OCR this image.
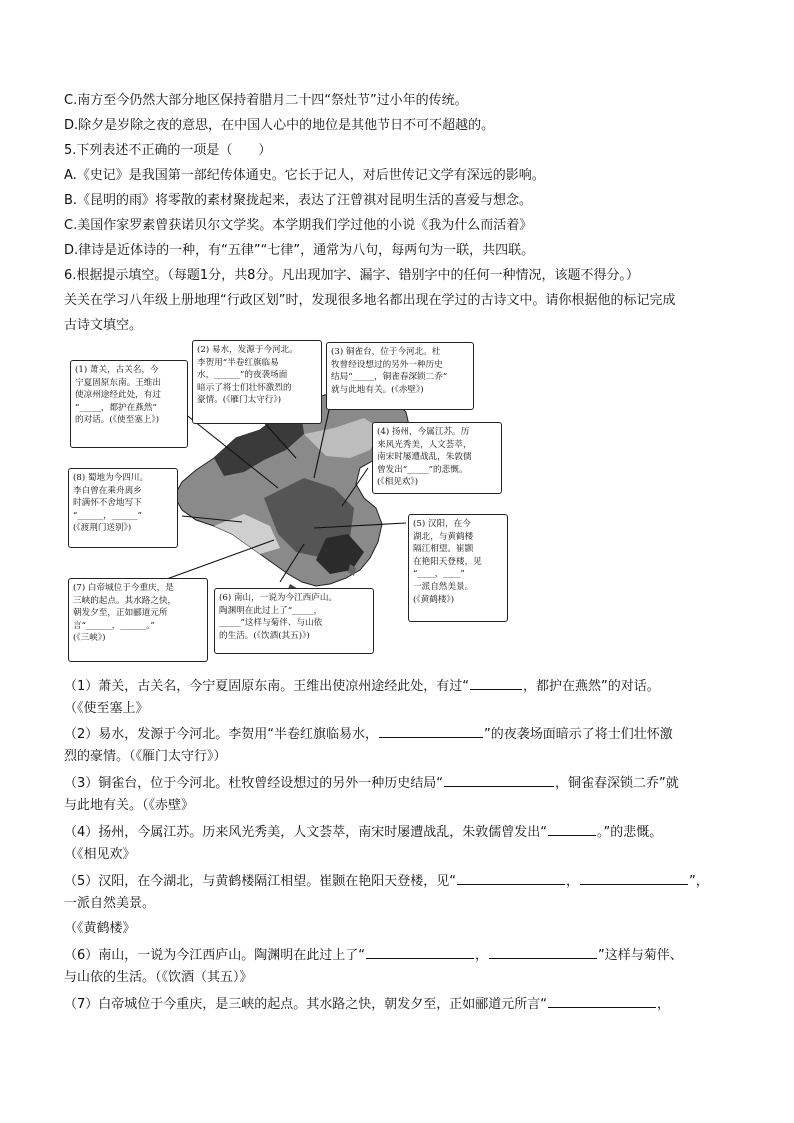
C.南方至今仍然大部分地区保持着腊月二十四“祭灶节”过小年的传统。
D.除夕是岁除之夜的意思，在中国人心中的地位是其他节日不可不超越的。
5.下列表述不正确的一项是（　　）
A.《史记》是我国第一部纪传体通史。它长于记人，对后世传记文学有深远的影响。
B.《昆明的雨》将零散的素材聚拢起来，表达了汪曾祺对昆明生活的喜爱与想念。
C.美国作家罗素曾获诺贝尔文学奖。本学期我们学过他的小说《我为什么而活着》
D.律诗是近体诗的一种，有“五律”“七律”，通常为八句，每两句为一联，共四联。
6.根据提示填空。（每题1分，共8分。凡出现加字、漏字、错别字中的任何一种情况，该题不得分。）
关关在学习八年级上册地理“行政区划”时，发现很多地名都出现在学过的古诗文中。请你根据他的标记完成
古诗文填空。
(1) 萧关，古关名，今
宁夏固原东南。王维出
使凉州途经此处，有过
“_____，都护在燕然”
的对话。(《使至塞上》)
(2) 易水，发源于今河北。
李贺用“半卷红旗临易
水，______”的夜袭场面
暗示了将士们壮怀激烈的
豪情。(《雁门太守行》)
(3) 铜雀台，位于今河北。杜
牧曾经设想过的另外一种历史
结局“_____，铜雀春深锁二乔”
就与此地有关。(《赤壁》)
(4) 扬州，今属江苏。历
来风光秀美，人文荟萃，
南宋时屡遭战乱，朱敦儒
曾发出“_____”的悲慨。
(《相见欢》)
(8) 蜀地为今四川。
李白曾在乘舟离乡
时满怀不舍地写下
“______，______”
(《渡荆门送别》)	(5) 汉阳，在今
湖北，与黄鹤楼
隔江相望。崔颢
在艳阳天登楼，见
“____，____”
一派自然美景。
(《黄鹤楼》)
(7) 白帝城位于今重庆，是
三峡的起点。其水路之快，
朝发夕至，正如郦道元所
言“______，______。”
(《三峡》)
(6) 南山，一说为今江西庐山。
陶渊明在此过上了“_____，
_____”这样与菊伴、与山依
的生活。(《饮酒(其五)》)
（1）萧关，古关名，今宁夏固原东南。王维出使凉州途经此处，有过“	，都护在燕然”的对话。
（《使至塞上》
（2）易水，发源于今河北。李贺用“半卷红旗临易水，	”的夜袭场面暗示了将士们壮怀激
烈的豪情。（《雁门太守行》）
（3）铜雀台，位于今河北。杜牧曾经设想过的另外一种历史结局“	，铜雀春深锁二乔”就
与此地有关。（《赤壁》
（4）扬州，今属江苏。历来风光秀美，人文荟萃，南宋时屡遭战乱，朱敦儒曾发出“	。”的悲慨。
（《相见欢》
（5）汉阳，在今湖北，与黄鹤楼隔江相望。崔颢在艳阳天登楼，见“	，	”，
一派自然美景。
（《黄鹤楼》
（6）南山，一说为今江西庐山。陶渊明在此过上了“	，	”这样与菊伴、
与山依的生活。（《饮酒（其五）》
（7）白帝城位于今重庆，是三峡的起点。其水路之快，朝发夕至，正如郦道元所言“	，
